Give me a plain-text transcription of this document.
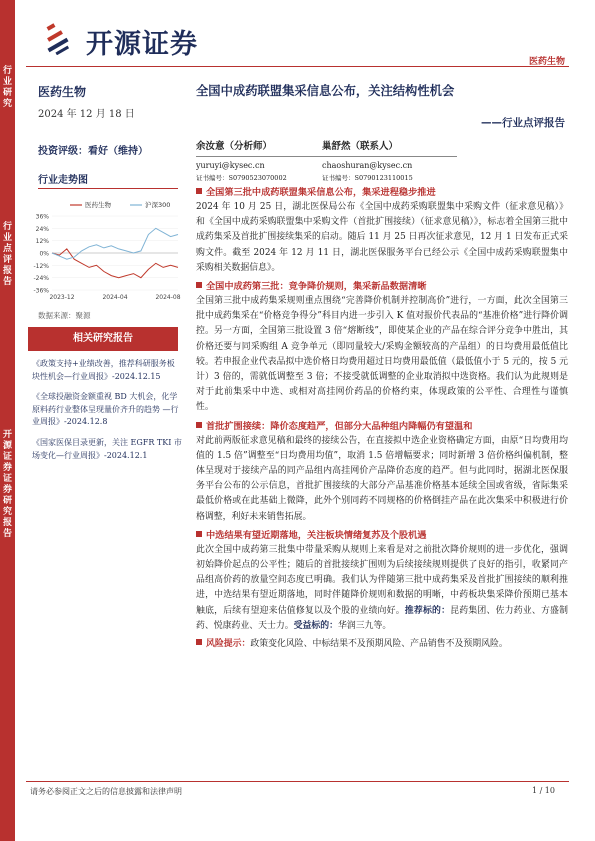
行业研究
行业点评报告
开源证券 证券研究报告
开源证券
医药生物
医药生物
2024 年 12 月 18 日
投资评级：看好（维持）
行业走势图
医药生物	沪深300
36%
24%
12%
0%
-12%
-24%
-36%
2023-12	2024-04	2024-08
数据来源：聚源
相关研究报告
《政策支持+业绩改善，推荐科研服务板块性机会—行业周报》-2024.12.15
《全球投融资金额重视 BD 大机会，化学原料药行业整体呈现量价齐升的趋势 —行业周报》-2024.12.8
《国家医保目录更新，关注 EGFR TKI 市场变化—行业周报》-2024.12.1
全国中成药联盟集采信息公布，关注结构性机会
——行业点评报告
余汝意（分析师）
yuruyi@kysec.cn
证书编号：S0790523070002
巢舒然（联系人）
chaoshuran@kysec.cn
证书编号：S0790123110015
全国第三批中成药联盟集采信息公布，集采进程稳步推进
2024 年 10 月 25 日，湖北医保局公布《全国中成药采购联盟集中采购文件（征求意见稿）》和《全国中成药采购联盟集中采购文件（首批扩围接续）（征求意见稿）》，标志着全国第三批中成药集采及首批扩围接续集采的启动。随后 11 月 25 日再次征求意见，12 月 1 日发布正式采购文件。截至 2024 年 12 月 11 日，湖北医保服务平台已经公示《全国中成药采购联盟集中采购相关数据信息》。
全国中成药第三批：竞争降价规则，集采新品数据清晰
全国第三批中成药集采规则重点围绕“完善降价机制并控制高价”进行，一方面，此次全国第三批中成药集采在“价格竞争得分”科目内进一步引入 K 值对报价代表品的“基准价格”进行降价调控。另一方面，全国第三批设置 3 倍“熔断线”，即使某企业的产品在综合评分竞争中胜出，其价格还要与同采购组 A 竞争单元（即同量较大/采购金额较高的产品组）的日均费用最低值比较。若申报企业代表品拟中选价格日均费用超过日均费用最低值（最低值小于 5 元的，按 5 元计）3 倍的，需就低调整至 3 倍；不接受就低调整的企业取消拟中选资格。我们认为此规则是对于此前集采中中选、或相对高挂网价药品的价格约束，体现政策的公平性、合理性与谨慎性。
首批扩围接续：降价态度趋严，但部分大品种组内降幅仍有望温和
对此前两版征求意见稿和最终的接续公告，在直接拟中选企业资格确定方面，由原“日均费用均值的 1.5 倍”调整至“日均费用均值”，取消 1.5 倍增幅要求；同时新增 3 倍价格纠偏机制，整体呈现对于接续产品的同产品组内高挂网价产品降价态度的趋严。但与此同时，据湖北医保服务平台公布的公示信息，首批扩围接续的大部分产品基准价格基本延续全国或省级，省际集采最低价格或在此基础上微降，此外个别同药不同规格的价格倒挂产品在此次集采中积极进行价格调整，利好未来销售拓展。
中选结果有望近期落地，关注板块情绪复苏及个股机遇
此次全国中成药第三批集中带量采购从规则上来看是对之前批次降价规则的进一步优化，强调初始降价起点的公平性；随后的首批接续扩围则为后续接续规则提供了良好的指引，收紧同产品组高价药的放量空间态度已明确。我们认为伴随第三批中成药集采及首批扩围接续的顺利推进，中选结果有望近期落地，同时伴随降价规则和数据的明晰，中药板块集采降价预期已基本触底，后续有望迎来估值修复以及个股的业绩向好。推荐标的：昆药集团、佐力药业、方盛制药、悦康药业、天士力。受益标的：华润三九等。
风险提示：政策变化风险、中标结果不及预期风险、产品销售不及预期风险。
请务必参阅正文之后的信息披露和法律声明	1 / 10
